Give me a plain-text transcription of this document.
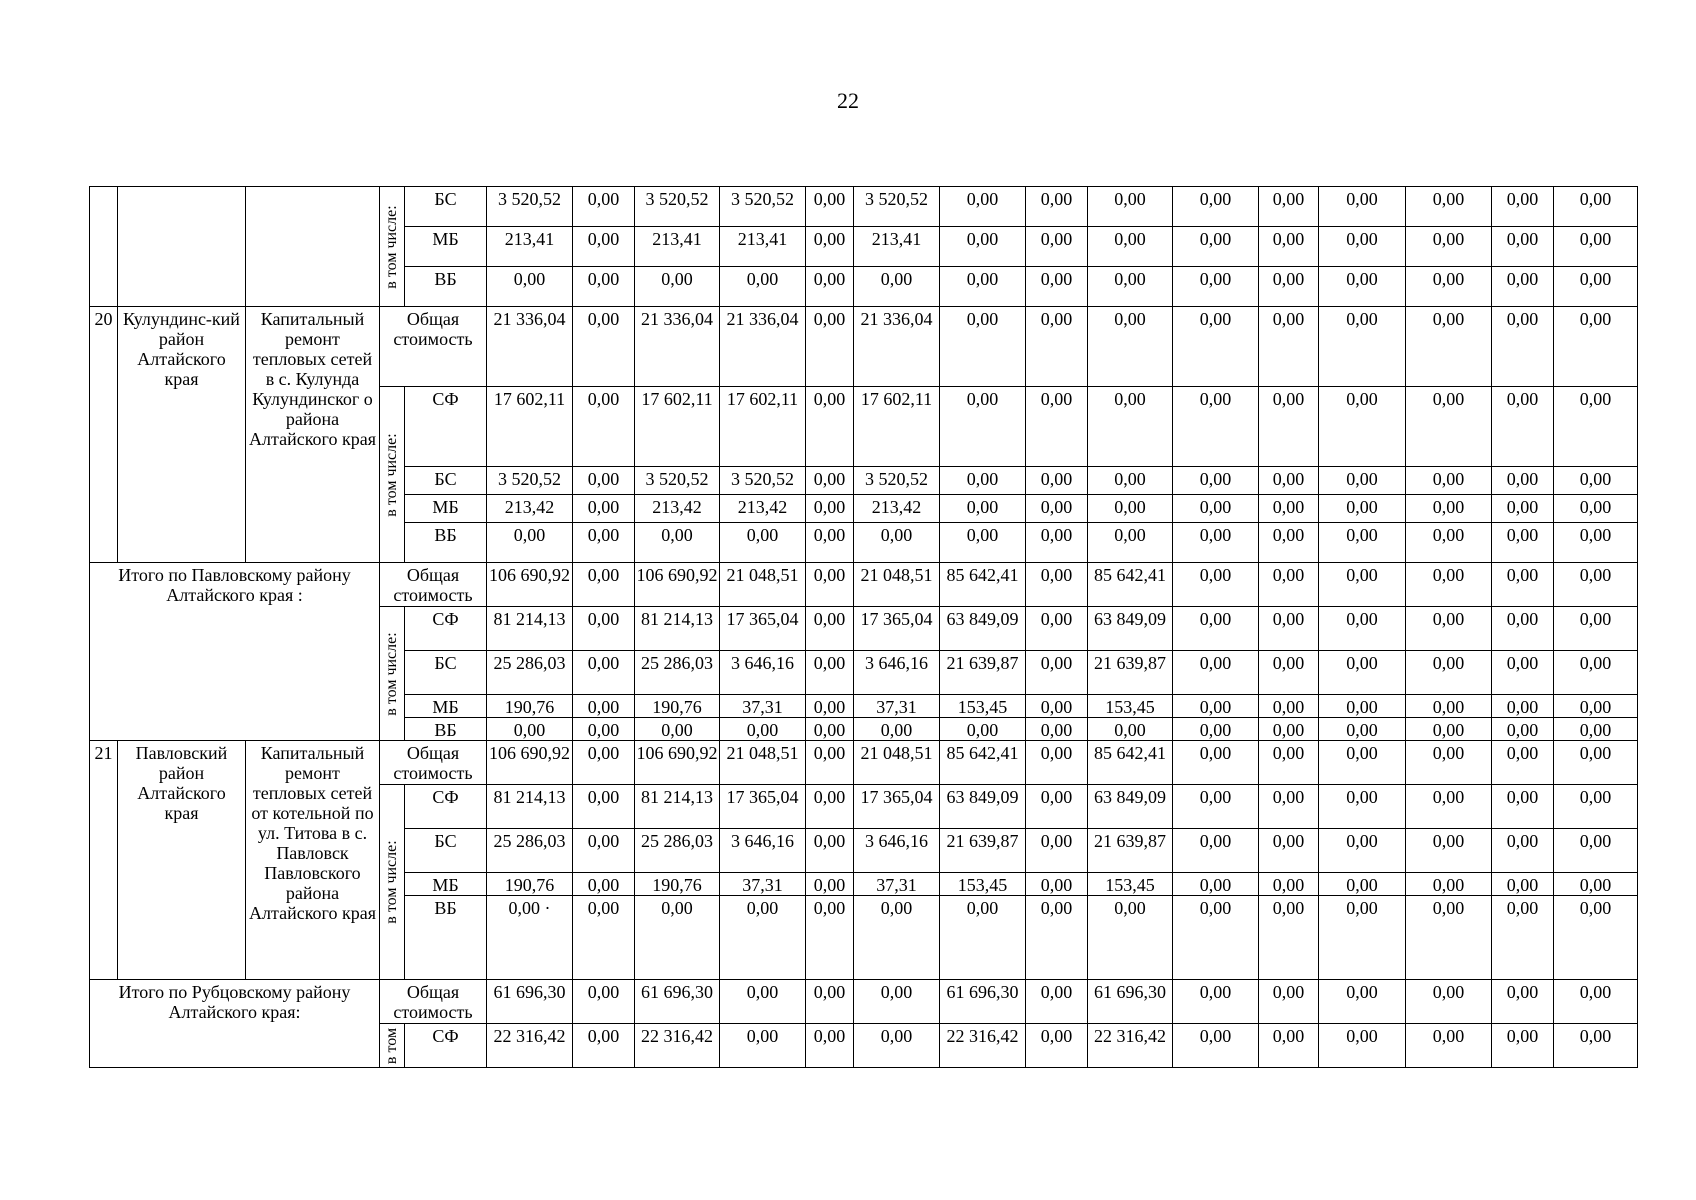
22

			в том числе:	БС	3 520,52	0,00	3 520,52	3 520,52	0,00	3 520,52	0,00	0,00	0,00	0,00	0,00	0,00	0,00	0,00	0,00
				МБ	213,41	0,00	213,41	213,41	0,00	213,41	0,00	0,00	0,00	0,00	0,00	0,00	0,00	0,00	0,00
				ВБ	0,00	0,00	0,00	0,00	0,00	0,00	0,00	0,00	0,00	0,00	0,00	0,00	0,00	0,00	0,00
20	Кулундинс-кий район Алтайского края	Капитальный ремонт тепловых сетей в с. Кулунда Кулундинског о района Алтайского края	Общая стоимость		21 336,04	0,00	21 336,04	21 336,04	0,00	21 336,04	0,00	0,00	0,00	0,00	0,00	0,00	0,00	0,00	0,00

			в том числе:	СФ	17 602,11	0,00	17 602,11	17 602,11	0,00	17 602,11	0,00	0,00	0,00	0,00	0,00	0,00	0,00	0,00	0,00
				БС	3 520,52	0,00	3 520,52	3 520,52	0,00	3 520,52	0,00	0,00	0,00	0,00	0,00	0,00	0,00	0,00	0,00
				МБ	213,42	0,00	213,42	213,42	0,00	213,42	0,00	0,00	0,00	0,00	0,00	0,00	0,00	0,00	0,00
				ВБ	0,00	0,00	0,00	0,00	0,00	0,00	0,00	0,00	0,00	0,00	0,00	0,00	0,00	0,00	0,00
Итого по Павловскому району Алтайского края :			Общая стоимость		106 690,92	0,00	106 690,92	21 048,51	0,00	21 048,51	85 642,41	0,00	85 642,41	0,00	0,00	0,00	0,00	0,00	0,00

			в том числе:	СФ	81 214,13	0,00	81 214,13	17 365,04	0,00	17 365,04	63 849,09	0,00	63 849,09	0,00	0,00	0,00	0,00	0,00	0,00
				БС	25 286,03	0,00	25 286,03	3 646,16	0,00	3 646,16	21 639,87	0,00	21 639,87	0,00	0,00	0,00	0,00	0,00	0,00
				МБ	190,76	0,00	190,76	37,31	0,00	37,31	153,45	0,00	153,45	0,00	0,00	0,00	0,00	0,00	0,00
				ВБ	0,00	0,00	0,00	0,00	0,00	0,00	0,00	0,00	0,00	0,00	0,00	0,00	0,00	0,00	0,00
21	Павловский район Алтайского края	Капитальный ремонт тепловых сетей от котельной по ул. Титова в с. Павловск Павловского района Алтайского края	Общая стоимость		106 690,92	0,00	106 690,92	21 048,51	0,00	21 048,51	85 642,41	0,00	85 642,41	0,00	0,00	0,00	0,00	0,00	0,00

			в том числе:	СФ	81 214,13	0,00	81 214,13	17 365,04	0,00	17 365,04	63 849,09	0,00	63 849,09	0,00	0,00	0,00	0,00	0,00	0,00
				БС	25 286,03	0,00	25 286,03	3 646,16	0,00	3 646,16	21 639,87	0,00	21 639,87	0,00	0,00	0,00	0,00	0,00	0,00
				МБ	190,76	0,00	190,76	37,31	0,00	37,31	153,45	0,00	153,45	0,00	0,00	0,00	0,00	0,00	0,00
				ВБ	0,00 ·	0,00	0,00	0,00	0,00	0,00	0,00	0,00	0,00	0,00	0,00	0,00	0,00	0,00	0,00
Итого по Рубцовскому району Алтайского края:			Общая стоимость		61 696,30	0,00	61 696,30	0,00	0,00	0,00	61 696,30	0,00	61 696,30	0,00	0,00	0,00	0,00	0,00	0,00

			в том	СФ	22 316,42	0,00	22 316,42	0,00	0,00	0,00	22 316,42	0,00	22 316,42	0,00	0,00	0,00	0,00	0,00	0,00
